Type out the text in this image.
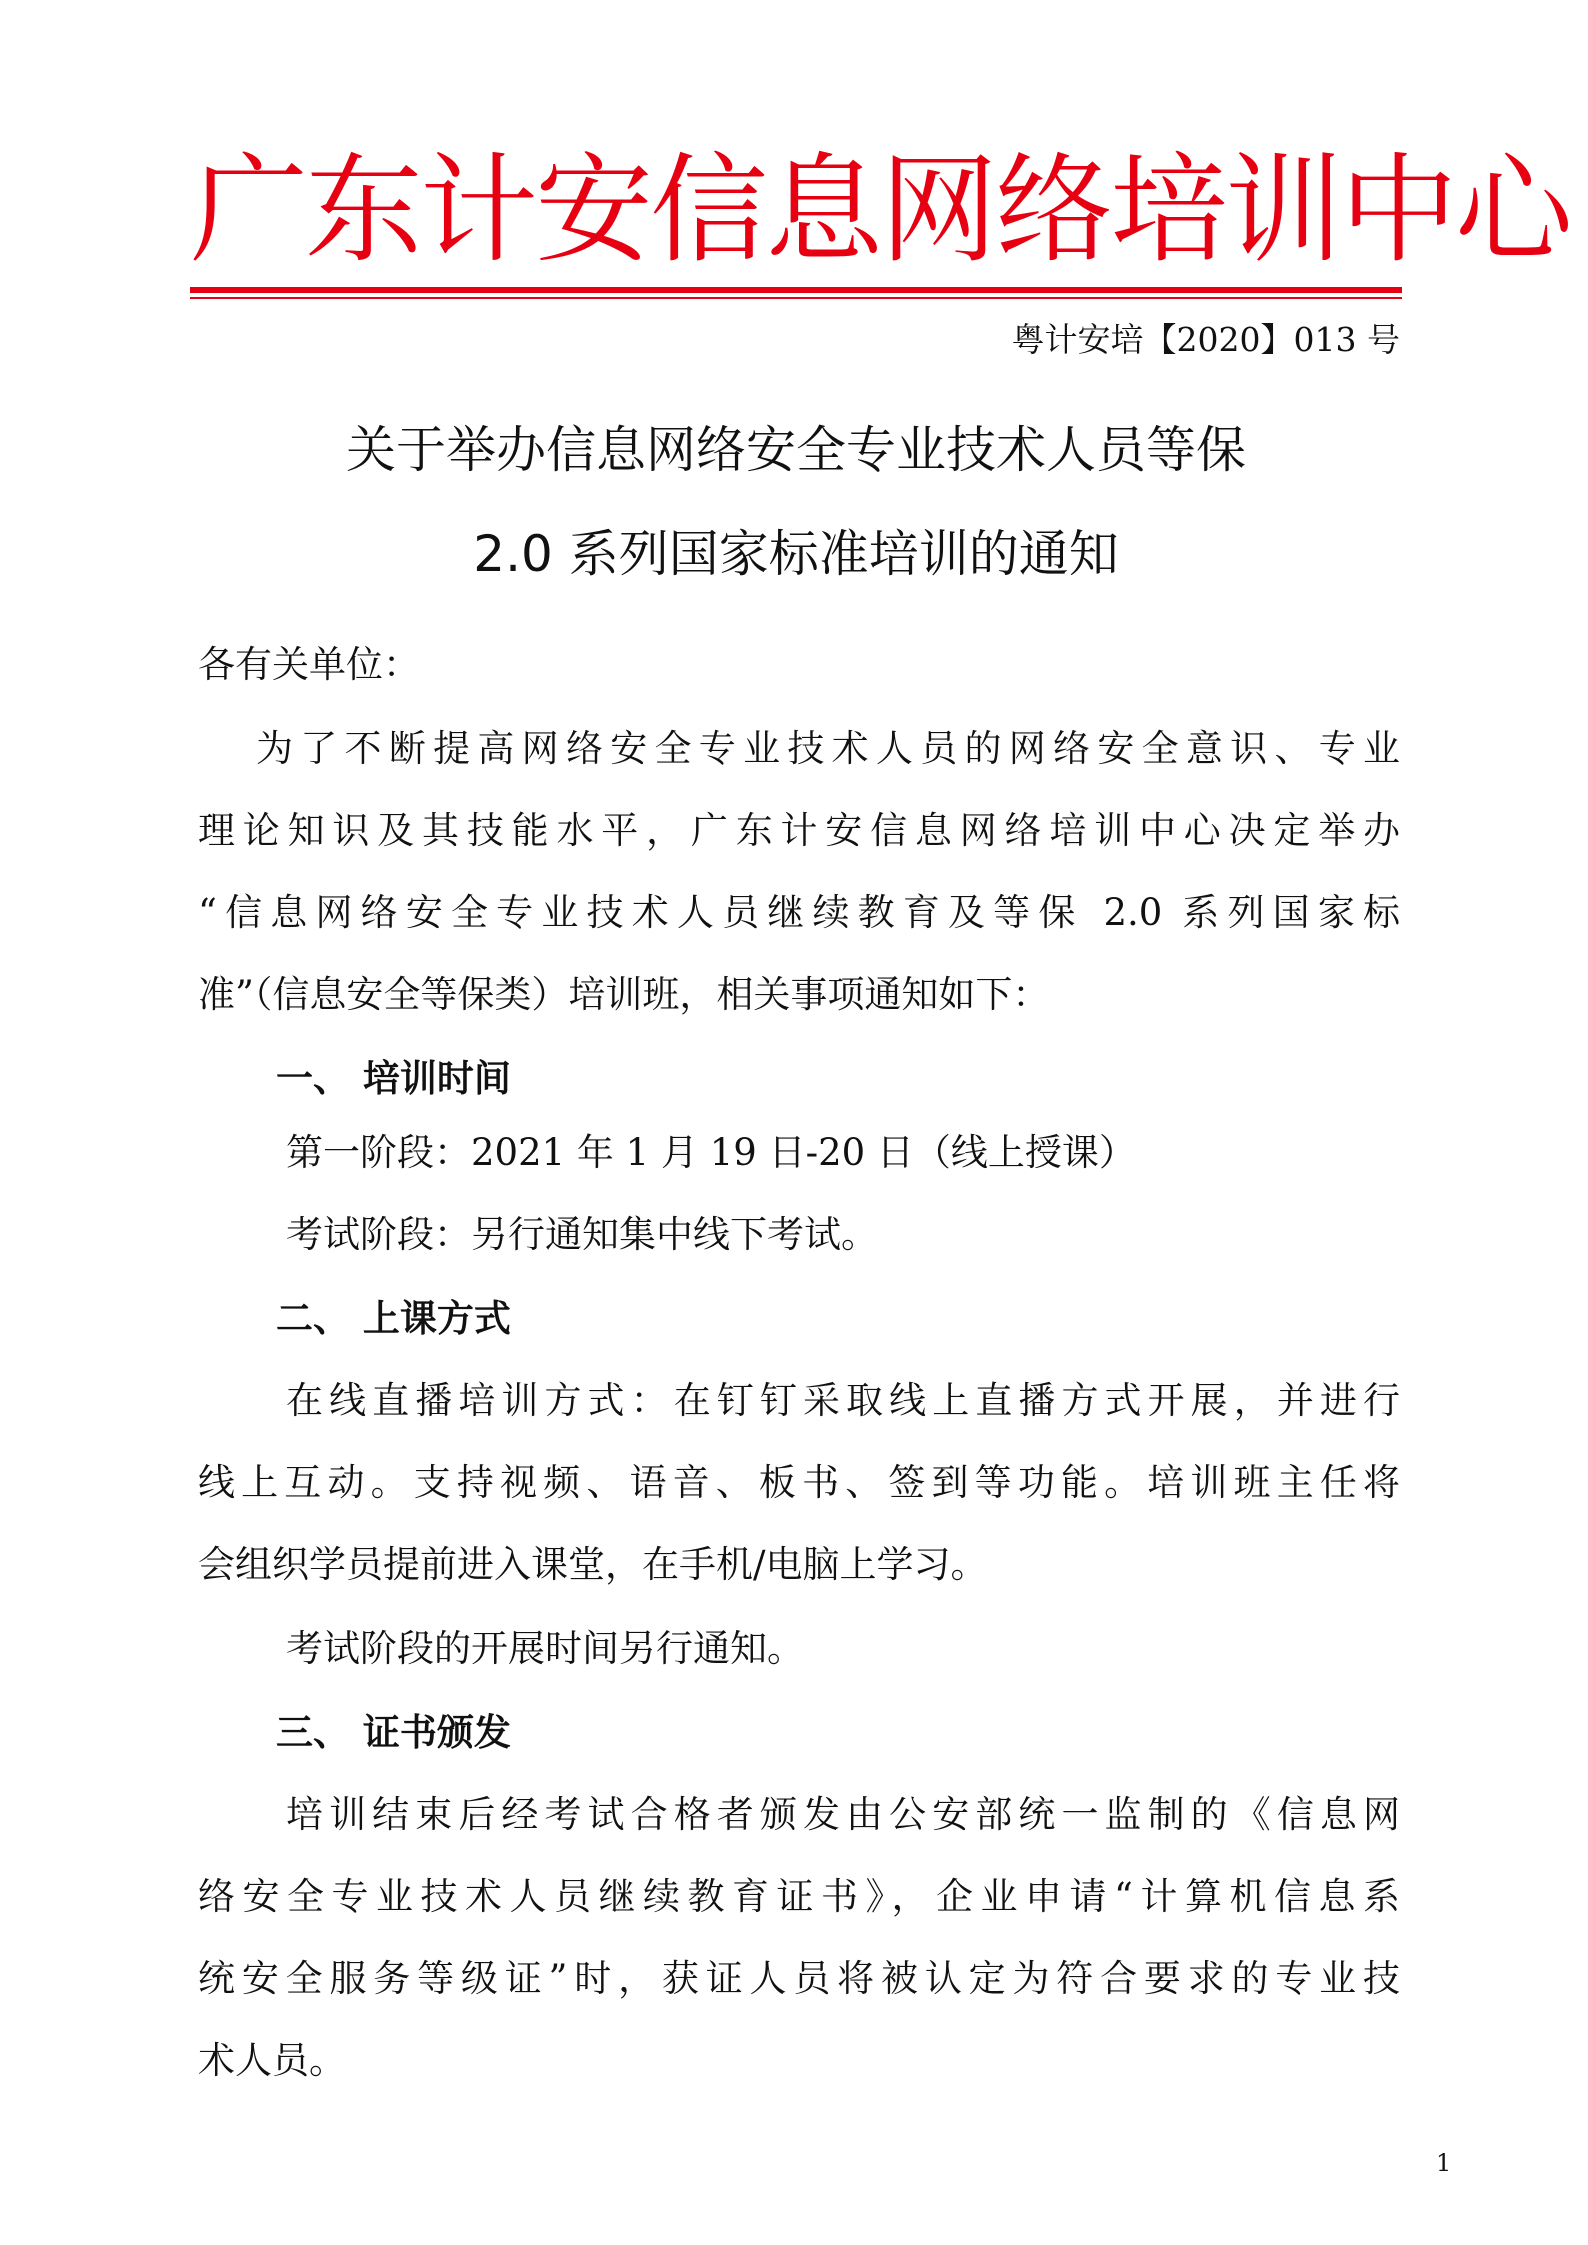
广东计安信息网络培训中心
粤计安培【2020】013 号
关于举办信息网络安全专业技术人员等保
2.0 系列国家标准培训的通知
各有关单位：
为了不断提高网络安全专业技术人员的网络安全意识、专业
理论知识及其技能水平，广东计安信息网络培训中心决定举办
“信息网络安全专业技术人员继续教育及等保 2.0 系列国家标
准”（信息安全等保类）培训班，相关事项通知如下：
一、 培训时间
第一阶段：2021 年 1 月 19 日-20 日（线上授课）
考试阶段：另行通知集中线下考试。
二、 上课方式
在线直播培训方式：在钉钉采取线上直播方式开展，并进行
线上互动。支持视频、语音、板书、签到等功能。培训班主任将
会组织学员提前进入课堂，在手机/电脑上学习。
考试阶段的开展时间另行通知。
三、 证书颁发
培训结束后经考试合格者颁发由公安部统一监制的《信息网
络安全专业技术人员继续教育证书》，企业申请“计算机信息系
统安全服务等级证”时，获证人员将被认定为符合要求的专业技
术人员。
1
